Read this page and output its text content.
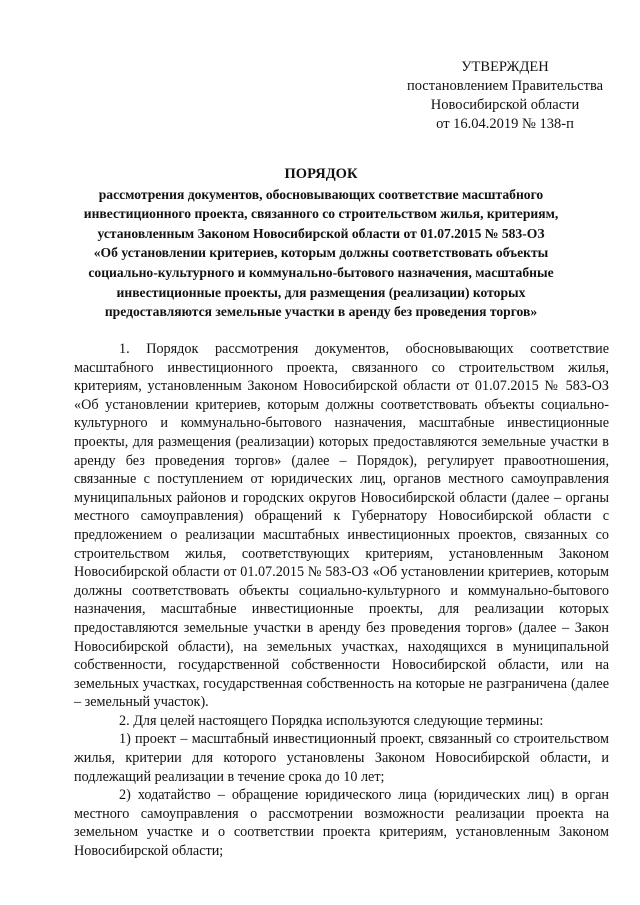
УТВЕРЖДЕН
постановлением Правительства
Новосибирской области
от 16.04.2019 № 138-п
ПОРЯДОК
рассмотрения документов, обосновывающих соответствие масштабного
инвестиционного проекта, связанного со строительством жилья, критериям,
установленным Законом Новосибирской области от 01.07.2015 № 583-ОЗ
«Об установлении критериев, которым должны соответствовать объекты
социально-культурного и коммунально-бытового назначения, масштабные
инвестиционные проекты, для размещения (реализации) которых
предоставляются земельные участки в аренду без проведения торгов»

1. Порядок рассмотрения документов, обосновывающих соответствие масштабного инвестиционного проекта, связанного со строительством жилья, критериям, установленным Законом Новосибирской области от 01.07.2015 № 583-ОЗ «Об установлении критериев, которым должны соответствовать объекты социально-культурного и коммунально-бытового назначения, масштабные инвестиционные проекты, для размещения (реализации) которых предоставляются земельные участки в аренду без проведения торгов» (далее – Порядок), регулирует правоотношения, связанные с поступлением от юридических лиц, органов местного самоуправления муниципальных районов и городских округов Новосибирской области (далее – органы местного самоуправления) обращений к Губернатору Новосибирской области с предложением о реализации масштабных инвестиционных проектов, связанных со строительством жилья, соответствующих критериям, установленным Законом Новосибирской области от 01.07.2015 № 583-ОЗ «Об установлении критериев, которым должны соответствовать объекты социально-культурного и коммунально-бытового назначения, масштабные инвестиционные проекты, для реализации которых предоставляются земельные участки в аренду без проведения торгов» (далее – Закон Новосибирской области), на земельных участках, находящихся в муниципальной собственности, государственной собственности Новосибирской области, или на земельных участках, государственная собственность на которые не разграничена (далее – земельный участок).

2. Для целей настоящего Порядка используются следующие термины:

1) проект – масштабный инвестиционный проект, связанный со строительством жилья, критерии для которого установлены Законом Новосибирской области, и подлежащий реализации в течение срока до 10 лет;

2) ходатайство – обращение юридического лица (юридических лиц) в орган местного самоуправления о рассмотрении возможности реализации проекта на земельном участке и о соответствии проекта критериям, установленным Законом Новосибирской области;
